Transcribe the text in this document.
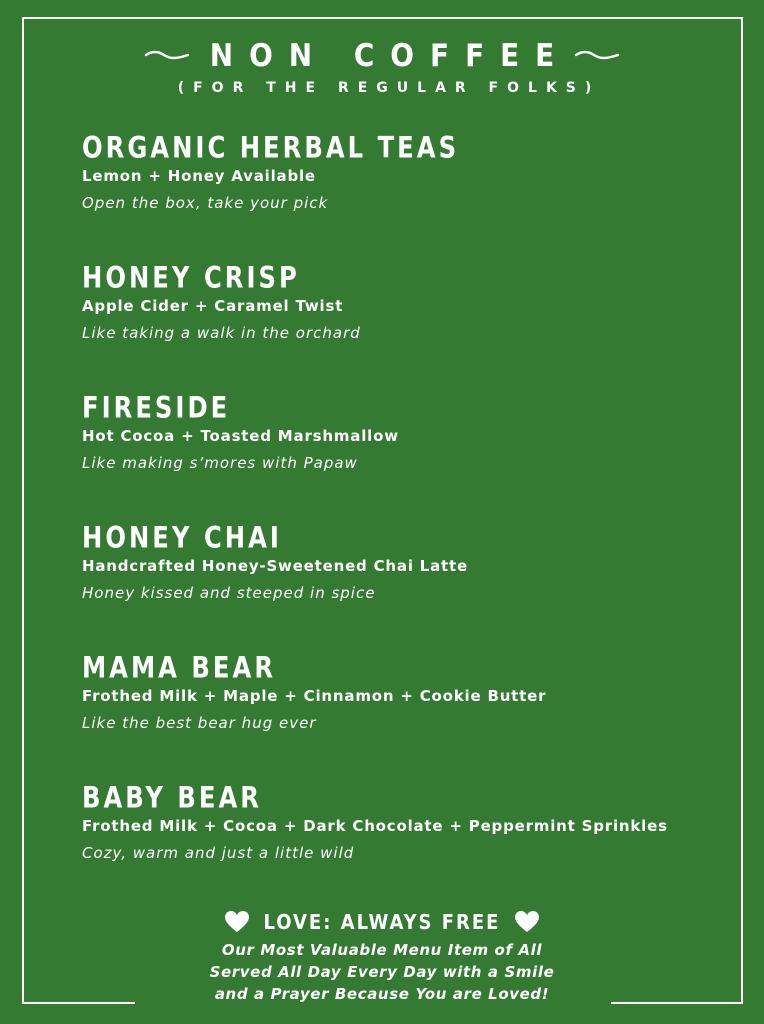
NON COFFEE
(FOR THE REGULAR FOLKS)
ORGANIC HERBAL TEAS
Lemon + Honey Available
Open the box, take your pick
HONEY CRISP
Apple Cider + Caramel Twist
Like taking a walk in the orchard
FIRESIDE
Hot Cocoa + Toasted Marshmallow
Like making s’mores with Papaw
HONEY CHAI
Handcrafted Honey-Sweetened Chai Latte
Honey kissed and steeped in spice
MAMA BEAR
Frothed Milk + Maple + Cinnamon + Cookie Butter
Like the best bear hug ever
BABY BEAR
Frothed Milk + Cocoa + Dark Chocolate + Peppermint Sprinkles
Cozy, warm and just a little wild
LOVE: ALWAYS FREE
Our Most Valuable Menu Item of All
Served All Day Every Day with a Smile
and a Prayer Because You are Loved!
